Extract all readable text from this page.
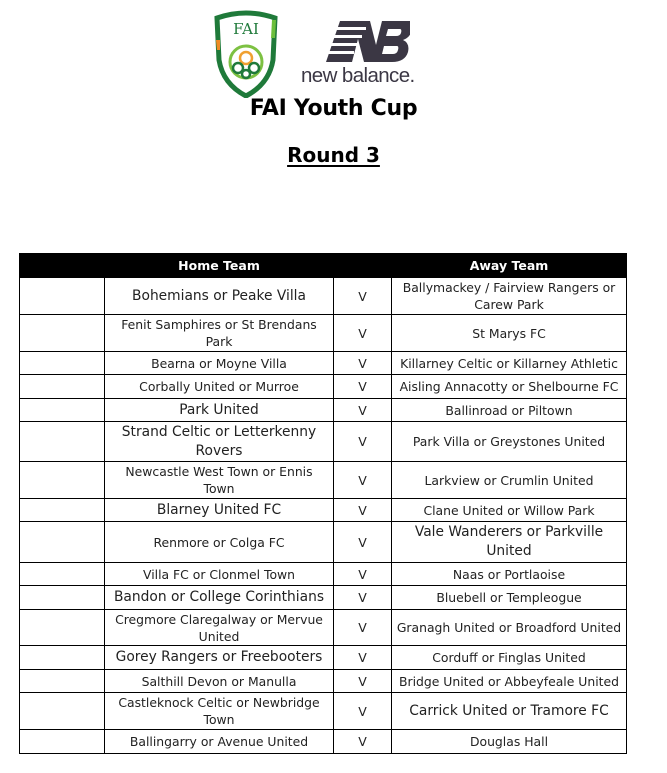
FAI
new balance.
FAI Youth Cup
Round 3
	Home Team		Away Team
	Bohemians or Peake Villa	V	Ballymackey / Fairview Rangers or Carew Park
	Fenit Samphires or St Brendans Park	V	St Marys FC
	Bearna or Moyne Villa	V	Killarney Celtic or Killarney Athletic
	Corbally United or Murroe	V	Aisling Annacotty or Shelbourne FC
	Park United	V	Ballinroad or Piltown
	Strand Celtic or Letterkenny Rovers	V	Park Villa or Greystones United
	Newcastle West Town or Ennis Town	V	Larkview or Crumlin United
	Blarney United FC	V	Clane United or Willow Park
	Renmore or Colga FC	V	Vale Wanderers or Parkville United
	Villa FC or Clonmel Town	V	Naas or Portlaoise
	Bandon or College Corinthians	V	Bluebell or Templeogue
	Cregmore Claregalway or Mervue United	V	Granagh United or Broadford United
	Gorey Rangers or Freebooters	V	Corduff or Finglas United
	Salthill Devon or Manulla	V	Bridge United or Abbeyfeale United
	Castleknock Celtic or Newbridge Town	V	Carrick United or Tramore FC
	Ballingarry or Avenue United	V	Douglas Hall
